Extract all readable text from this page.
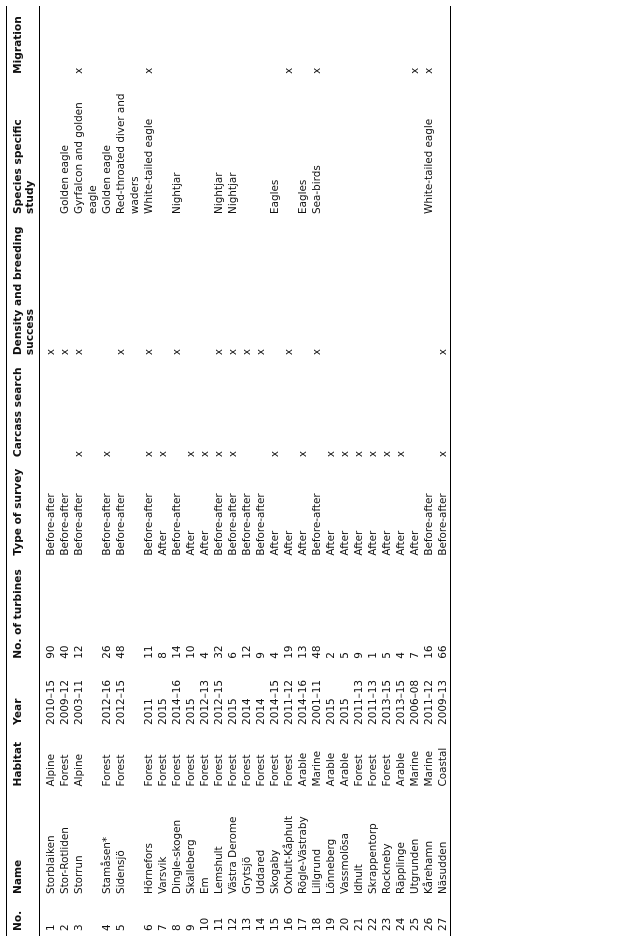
No.	Name	Habitat	Year	No. of turbines	Type of survey	Carcass search	Density and breeding success	Species specific study	Migration
1	Storblaiken	Alpine	2010–15	90	Before-after		x		
2	Stor-Rotliden	Forest	2009–12	40	Before-after		x	Golden eagle	
3	Storrun	Alpine	2003–11	12	Before-after	x	x	Gyrfalcon and golden eagle	x
4	Stamåsen*	Forest	2012–16	26	Before-after	x		Golden eagle	
5	Sidensjö	Forest	2012–15	48	Before-after		x	Red-throated diver and waders	
6	Hörnefors	Forest	2011	11	Before-after	x	x	White-tailed eagle	x
7	Varsvik	Forest	2015	8	After	x			
8	Dingle-skogen	Forest	2014–16	14	Before-after		x	Nightjar	
9	Skalleberg	Forest	2015	10	After	x			
10	Em	Forest	2012–13	4	After	x			
11	Lemshult	Forest	2012–15	32	Before-after	x	x	Nightjar	
12	Västra Derome	Forest	2015	6	Before-after	x	x	Nightjar	
13	Grytsjö	Forest	2014	12	Before-after		x		
14	Uddared	Forest	2014	9	Before-after		x		
15	Skogaby	Forest	2014–15	4	After	x		Eagles	
16	Oxhult-Kåphult	Forest	2011–12	19	After		x		x
17	Rögle-Västraby	Arable	2014–16	13	After	x		Eagles	
18	Lillgrund	Marine	2001–11	48	Before-after		x	Sea-birds	x
19	Lönneberg	Arable	2015	2	After	x			
20	Vassmolösa	Arable	2015	5	After	x			
21	Idhult	Forest	2011–13	9	After	x			
22	Skrappentorp	Forest	2011–13	1	After	x			
23	Rockneby	Forest	2013–15	5	After	x			
24	Räpplinge	Arable	2013–15	4	After	x			
25	Utgrunden	Marine	2006–08	7	After				x
26	Kårehamn	Marine	2011–12	16	Before-after			White-tailed eagle	x
27	Näsudden	Coastal	2009–13	66	Before-after	x	x		
